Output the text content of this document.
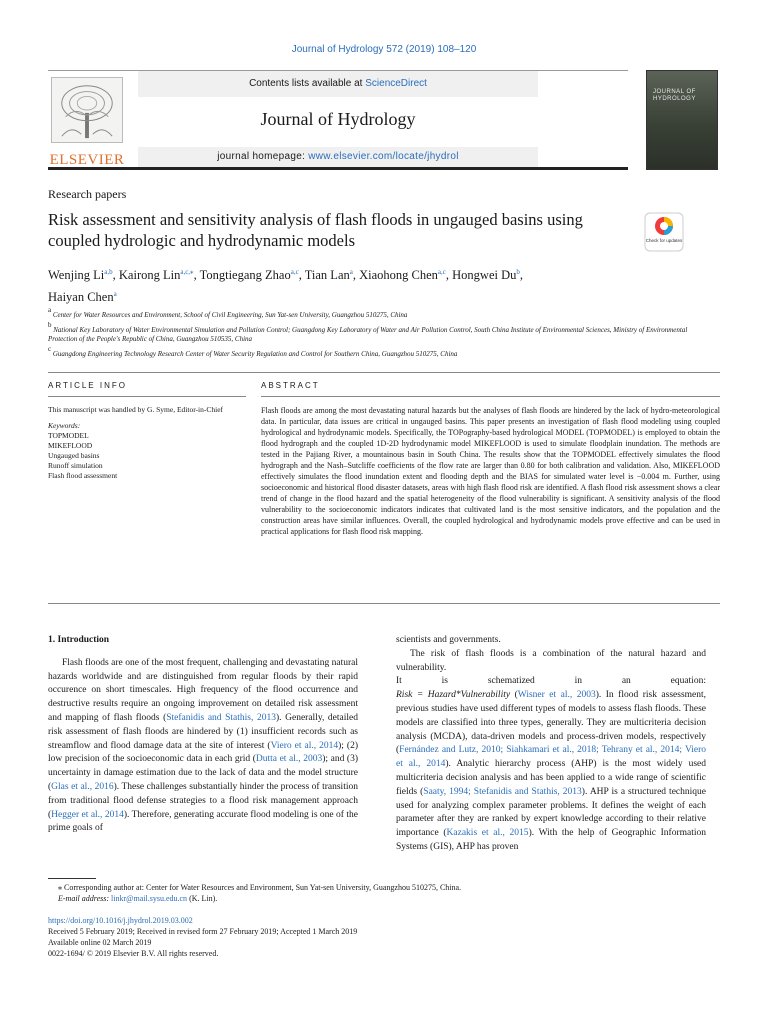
Journal of Hydrology 572 (2019) 108–120
ELSEVIER
Contents lists available at ScienceDirect
Journal of Hydrology
journal homepage: www.elsevier.com/locate/jhydrol
JOURNAL OF HYDROLOGY
Research papers
Risk assessment and sensitivity analysis of flash floods in ungauged basins using coupled hydrologic and hydrodynamic models	Check for updates
Wenjing Li$^{a,b}$, Kairong Lin$^{a,c,⁎}$, Tongtiegang Zhao$^{a,c}$, Tian Lan$^a$, Xiaohong Chen$^{a,c}$, Hongwei Du$^b$,
Haiyan Chen$^a$
$^a$ Center for Water Resources and Environment, School of Civil Engineering, Sun Yat-sen University, Guangzhou 510275, China
$^b$ National Key Laboratory of Water Environmental Simulation and Pollution Control; Guangdong Key Laboratory of Water and Air Pollution Control, South China Institute of Environmental Sciences, Ministry of Environmental Protection of the People's Republic of China, Guangzhou 510535, China
$^c$ Guangdong Engineering Technology Research Center of Water Security Regulation and Control for Southern China, Guangzhou 510275, China
ARTICLE INFO	ABSTRACT
This manuscript was handled by G. Syme, Editor-in-Chief
Keywords:
TOPMODEL
MIKEFLOOD
Ungauged basins
Runoff simulation
Flash flood assessment
Flash floods are among the most devastating natural hazards but the analyses of flash floods are hindered by the lack of hydro-meteorological data. In particular, data issues are critical in ungauged basins. This paper presents an investigation of flash flood modeling using coupled hydrological and hydrodynamic models. Specifically, the TOPography-based hydrological MODEL (TOPMODEL) is employed to obtain the flood hydrograph and the coupled 1D-2D hydrodynamic model MIKEFLOOD is used to simulate floodplain inundation. The methods are tested in the Pajiang River, a mountainous basin in South China. The results show that the TOPMODEL effectively simulates the flood hydrograph and the Nash–Sutcliffe coefficients of the flow rate are larger than 0.80 for both calibration and validation. Also, MIKEFLOOD effectively simulates the flood inundation extent and flooding depth and the BIAS for simulated water level is −0.004 m. Further, using socioeconomic and historical flood disaster datasets, areas with high flash flood risk are identified. A flash flood risk assessment shows a clear trend of change in the flood hazard and the spatial heterogeneity of the flood vulnerability is significant. A sensitivity analysis of the flood vulnerability to the socioeconomic indicators indicates that cultivated land is the most sensitive indicators, and the population and the construction areas have similar influences. Overall, the coupled hydrological and hydrodynamic models prove effective and can be used in practical applications for flash flood risk mapping.
1. Introduction

Flash floods are one of the most frequent, challenging and devastating natural hazards worldwide and are distinguished from regular floods by their rapid occurence on short timescales. High frequency of the flood occurrence and destructive results require an ongoing improvement on detailed risk assessment and mapping of flash floods (Stefanidis and Stathis, 2013). Generally, detailed risk assessment of flash floods are hindered by (1) insufficient records such as streamflow and flood damage data at the site of interest (Viero et al., 2014); (2) low precision of the socioeconomic data in each grid (Dutta et al., 2003); and (3) uncertainty in damage estimation due to the lack of data and the model structure (Glas et al., 2016). These challenges substantially hinder the process of transition from traditional flood defense strategies to a flood risk management approach (Hegger et al., 2014). Therefore, generating accurate flood modeling is one of the prime goals of

scientists and governments.

The risk of flash floods is a combination of the natural hazard and vulnerability.

It	is	schematized	in	an	equation:

Risk = Hazard*Vulnerability (Wisner et al., 2003). In flood risk assessment, previous studies have used different types of models to assess flash floods. These models are classified into three types, generally. They are multicriteria decision analysis (MCDA), data-driven models and process-driven models, respectively (Fernández and Lutz, 2010; Siahkamari et al., 2018; Tehrany et al., 2014; Viero et al., 2014). Analytic hierarchy process (AHP) is the most widely used multicriteria decision analysis and has been applied to a wide range of scientific fields (Saaty, 1994; Stefanidis and Stathis, 2013). AHP is a structured technique used for analyzing complex parameter problems. It defines the weight of each parameter after they are ranked by expert knowledge according to their relative importance (Kazakis et al., 2015). With the help of Geographic Information Systems (GIS), AHP has proven

⁎ Corresponding author at: Center for Water Resources and Environment, Sun Yat-sen University, Guangzhou 510275, China.
E-mail address: linkr@mail.sysu.edu.cn (K. Lin).
https://doi.org/10.1016/j.jhydrol.2019.03.002
Received 5 February 2019; Received in revised form 27 February 2019; Accepted 1 March 2019
Available online 02 March 2019
0022-1694/ © 2019 Elsevier B.V. All rights reserved.
